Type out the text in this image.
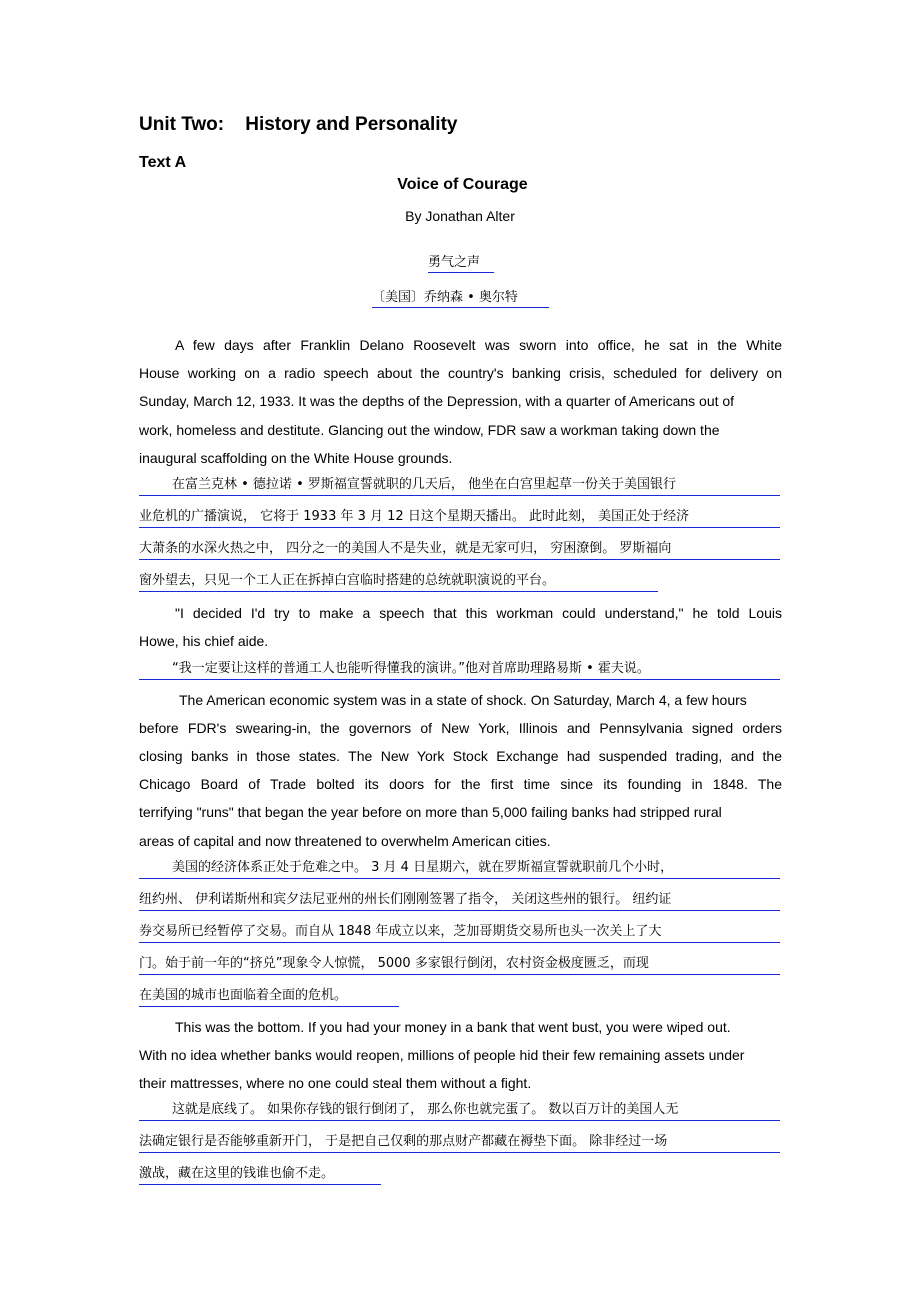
Unit Two:    History and Personality
Text A
Voice of Courage
By Jonathan Alter
勇气之声
〔美国〕乔纳森 • 奥尔特
A few days after Franklin Delano Roosevelt was sworn into office, he sat in the White
House working on a radio speech about the country's banking crisis, scheduled for delivery on
Sunday, March 12, 1933. It was the depths of the Depression, with a quarter of Americans out of
work, homeless and destitute. Glancing out the window, FDR saw a workman taking down the
inaugural scaffolding on the White House grounds.
在富兰克林 • 德拉诺 • 罗斯福宣誓就职的几天后， 他坐在白宫里起草一份关于美国银行
业危机的广播演说， 它将于 1933 年 3 月 12 日这个星期天播出。 此时此刻， 美国正处于经济
大萧条的水深火热之中， 四分之一的美国人不是失业，就是无家可归， 穷困潦倒。 罗斯福向
窗外望去，只见一个工人正在拆掉白宫临时搭建的总统就职演说的平台。
"I decided I'd try to make a speech that this workman could understand," he told Louis
Howe, his chief aide.
“我一定要让这样的普通工人也能听得懂我的演讲。”他对首席助理路易斯 • 霍夫说。
The American economic system was in a state of shock. On Saturday, March 4, a few hours
before FDR's swearing-in, the governors of New York, Illinois and Pennsylvania signed orders
closing banks in those states. The New York Stock Exchange had suspended trading, and the
Chicago Board of Trade bolted its doors for the first time since its founding in 1848. The
terrifying "runs" that began the year before on more than 5,000 failing banks had stripped rural
areas of capital and now threatened to overwhelm American cities.
美国的经济体系正处于危难之中。 3 月 4 日星期六，就在罗斯福宣誓就职前几个小时，
纽约州、 伊利诺斯州和宾夕法尼亚州的州长们刚刚签署了指令， 关闭这些州的银行。 纽约证
券交易所已经暂停了交易。而自从 1848 年成立以来，芝加哥期货交易所也头一次关上了大
门。始于前一年的“挤兑”现象令人惊慌， 5000 多家银行倒闭，农村资金极度匮乏，而现
在美国的城市也面临着全面的危机。
This was the bottom. If you had your money in a bank that went bust, you were wiped out.
With no idea whether banks would reopen, millions of people hid their few remaining assets under
their mattresses, where no one could steal them without a fight.
这就是底线了。 如果你存钱的银行倒闭了， 那么你也就完蛋了。 数以百万计的美国人无
法确定银行是否能够重新开门， 于是把自己仅剩的那点财产都藏在褥垫下面。 除非经过一场
激战，藏在这里的钱谁也偷不走。
